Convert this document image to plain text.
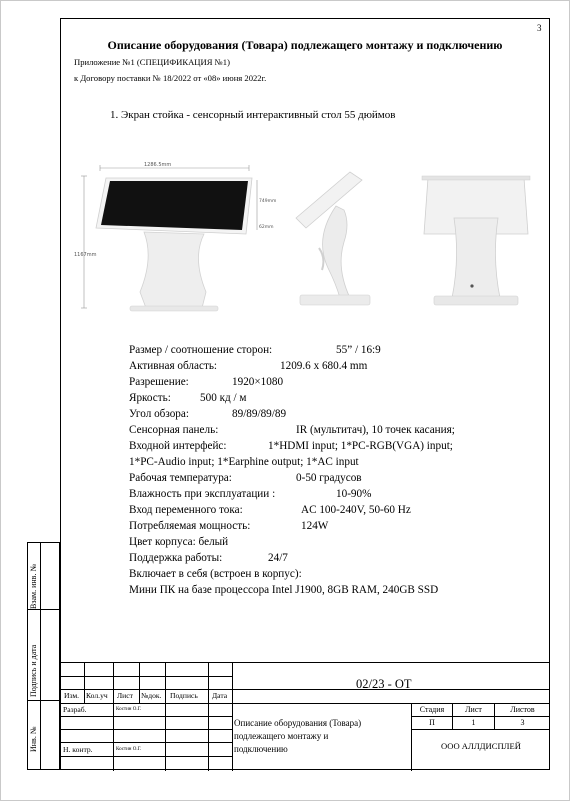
3
Описание оборудования (Товара) подлежащего монтажу и подключению
Приложение №1 (СПЕЦИФИКАЦИЯ №1)
к Договору поставки № 18/2022 от «08» июня 2022г.
1. Экран стойка - сенсорный интерактивный стол 55 дюймов
1286.5mm
1167mm
749mm
62mm
Размер / соотношение сторон:	55” / 16:9
Активная область:	1209.6 x 680.4 mm
Разрешение:	1920×1080
Яркость:	500 кд / м
Угол обзора:	89/89/89/89
Сенсорная панель:	IR (мультитач), 10 точек касания;
Входной интерфейс:	1*HDMI input; 1*PC-RGB(VGA) input;
1*PC-Audio input; 1*Earphine output; 1*AC input
Рабочая температура:	0-50 градусов
Влажность при эксплуатации :	10-90%
Вход переменного тока:	AC 100-240V, 50-60 Hz
Потребляемая мощность:	124W
Цвет корпуса: белый
Поддержка работы:	24/7
Включает в себя (встроен в корпус):
Мини ПК на базе процессора Intel J1900, 8GB RAM, 240GB SSD
Взам. инв. №
Подпись и дата
Инв. №
Изм. Кол.уч Лист №док. Подпись Дата
Разраб.	Костин О.Г.
Н. контр.	Костин О.Г.
02/23 - ОТ
Описание оборудования (Товара)
подлежащего монтажу и
подключению
Стадия	Лист	Листов
П	1	3
ООО АЛЛДИСПЛЕЙ
